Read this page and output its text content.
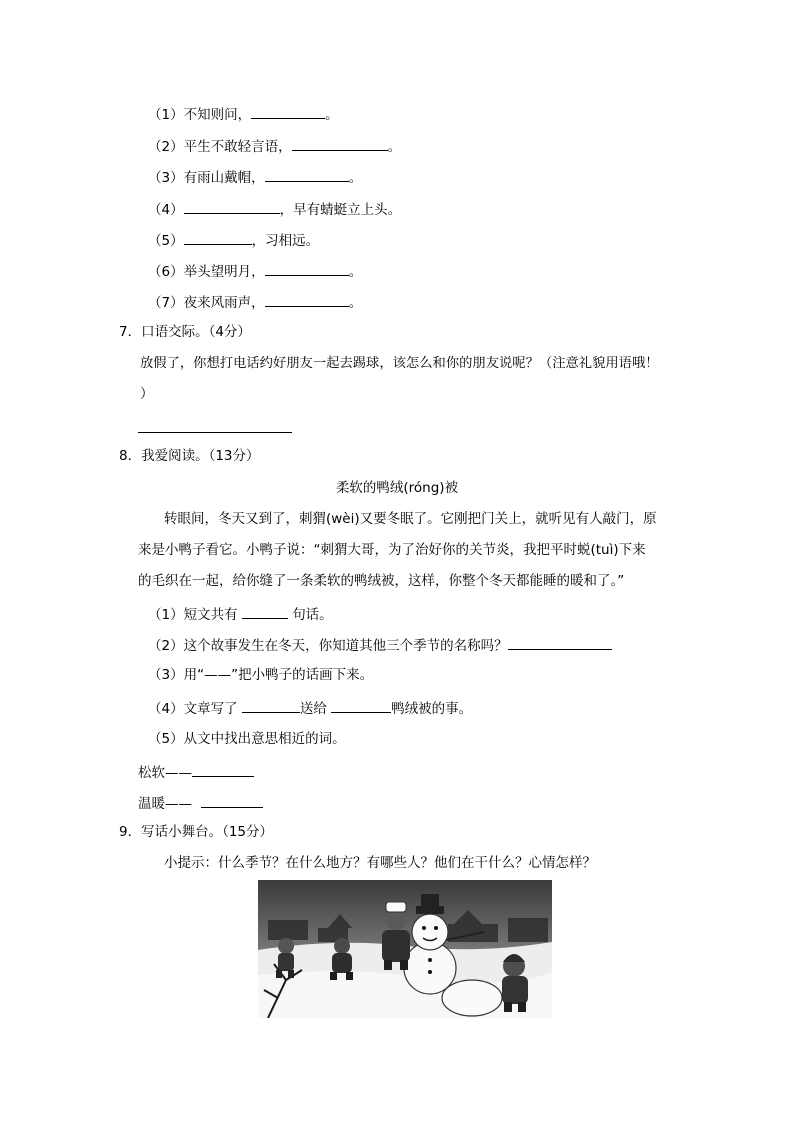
（1）不知则问，	。
（2）平生不敢轻言语，	。
（3）有雨山戴帽，	。
（4）	，早有蜻蜓立上头。
（5）	，习相远。
（6）举头望明月，	。
（7）夜来风雨声，	。
7．口语交际。（4分）
放假了，你想打电话约好朋友一起去踢球，该怎么和你的朋友说呢？（注意礼貌用语哦！
）
8．我爱阅读。（13分）
柔软的鸭绒(róng)被
转眼间，冬天又到了，刺猬(wèi)又要冬眠了。它刚把门关上，就听见有人敲门，原
来是小鸭子看它。小鸭子说：“刺猬大哥，为了治好你的关节炎，我把平时蜕(tuì)下来
的毛织在一起，给你缝了一条柔软的鸭绒被，这样，你整个冬天都能睡的暖和了。”
（1）短文共有	句话。
（2）这个故事发生在冬天，你知道其他三个季节的名称吗？
（3）用“——”把小鸭子的话画下来。
（4）文章写了	送给	鸭绒被的事。
（5）从文中找出意思相近的词。
松软——
温暖——
9．写话小舞台。（15分）
小提示：什么季节？在什么地方？有哪些人？他们在干什么？心情怎样？
